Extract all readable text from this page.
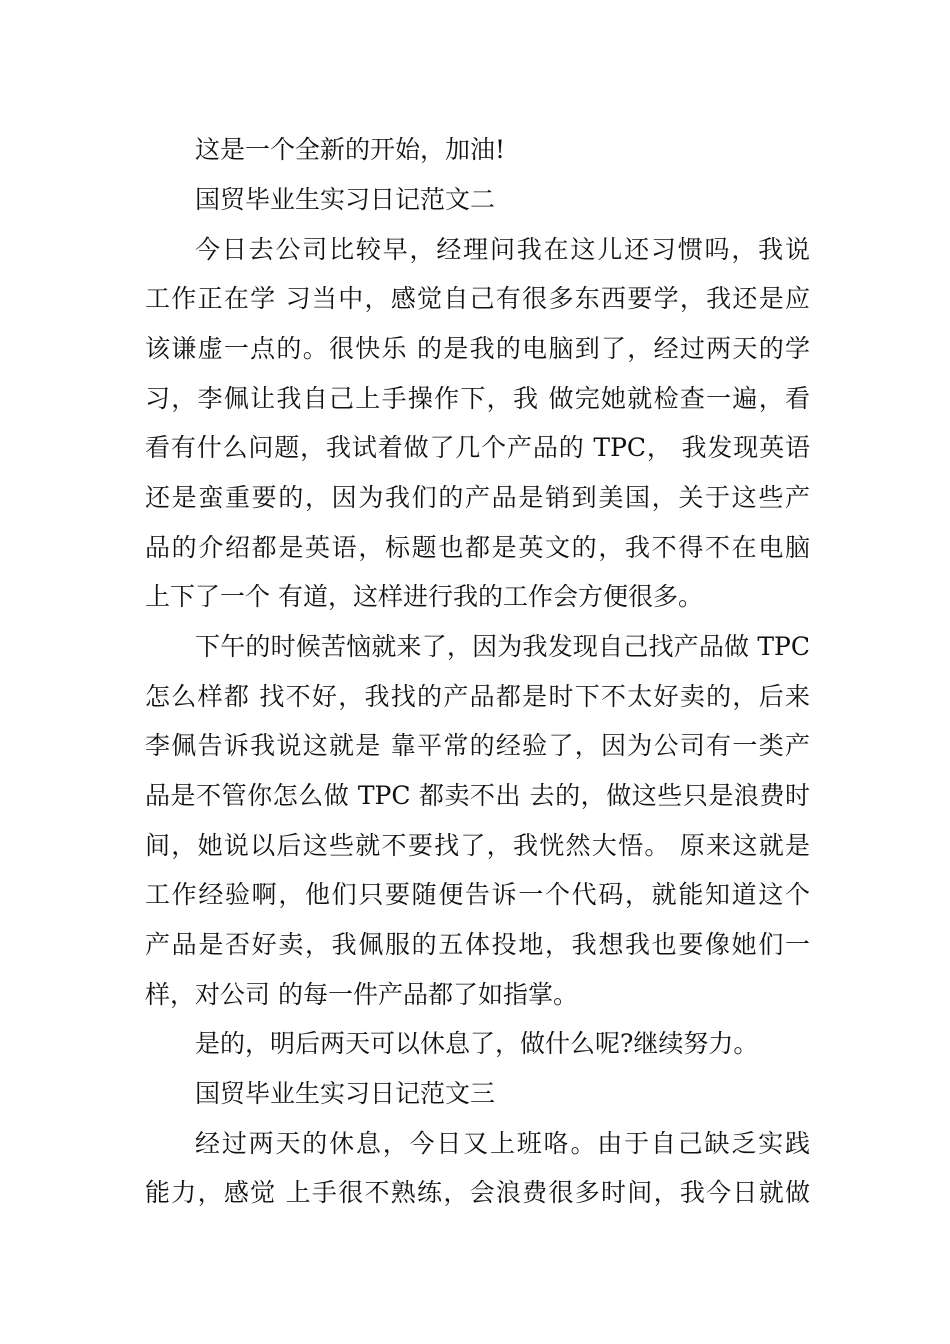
这是一个全新的开始，加油!
国贸毕业生实习日记范文二
今日去公司比较早，经理问我在这儿还习惯吗，我说
工作正在学 习当中，感觉自己有很多东西要学，我还是应
该谦虚一点的。很快乐 的是我的电脑到了，经过两天的学
习，李佩让我自己上手操作下，我 做完她就检查一遍，看
看有什么问题，我试着做了几个产品的 TPC， 我发现英语
还是蛮重要的，因为我们的产品是销到美国，关于这些产
品的介绍都是英语，标题也都是英文的，我不得不在电脑
上下了一个 有道，这样进行我的工作会方便很多。
下午的时候苦恼就来了，因为我发现自己找产品做 TPC
怎么样都 找不好，我找的产品都是时下不太好卖的，后来
李佩告诉我说这就是 靠平常的经验了，因为公司有一类产
品是不管你怎么做 TPC 都卖不出 去的，做这些只是浪费时
间，她说以后这些就不要找了，我恍然大悟。 原来这就是
工作经验啊，他们只要随便告诉一个代码，就能知道这个
产品是否好卖，我佩服的五体投地，我想我也要像她们一
样，对公司 的每一件产品都了如指掌。
是的，明后两天可以休息了，做什么呢?继续努力。
国贸毕业生实习日记范文三
经过两天的休息，今日又上班咯。由于自己缺乏实践
能力，感觉 上手很不熟练，会浪费很多时间，我今日就做
